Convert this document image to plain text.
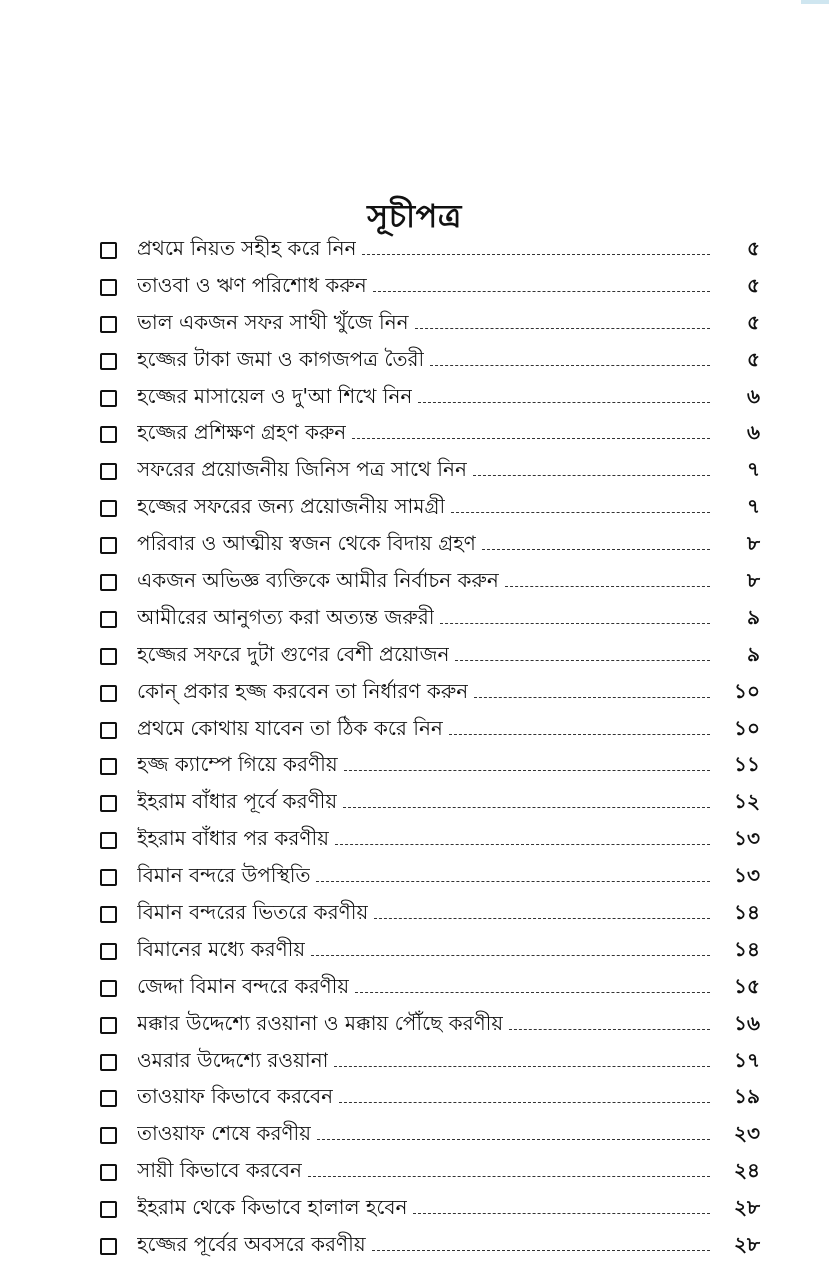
সূচীপত্র
প্রথমে নিয়ত সহীহ করে নিন	৫
তাওবা ও ঋণ পরিশোধ করুন	৫
ভাল একজন সফর সাথী খুঁজে নিন	৫
হজ্জের টাকা জমা ও কাগজপত্র তৈরী	৫
হজ্জের মাসায়েল ও দু'আ শিখে নিন	৬
হজ্জের প্রশিক্ষণ গ্রহণ করুন	৬
সফরের প্রয়োজনীয় জিনিস পত্র সাথে নিন	৭
হজ্জের সফরের জন্য প্রয়োজনীয় সামগ্রী	৭
পরিবার ও আত্মীয় স্বজন থেকে বিদায় গ্রহণ	৮
একজন অভিজ্ঞ ব্যক্তিকে আমীর নির্বাচন করুন	৮
আমীরের আনুগত্য করা অত্যন্ত জরুরী	৯
হজ্জের সফরে দুটা গুণের বেশী প্রয়োজন	৯
কোন্ প্রকার হজ্জ করবেন তা নির্ধারণ করুন	১০
প্রথমে কোথায় যাবেন তা ঠিক করে নিন	১০
হজ্জ ক্যাম্পে গিয়ে করণীয়	১১
ইহরাম বাঁধার পূর্বে করণীয়	১২
ইহরাম বাঁধার পর করণীয়	১৩
বিমান বন্দরে উপস্থিতি	১৩
বিমান বন্দরের ভিতরে করণীয়	১৪
বিমানের মধ্যে করণীয়	১৪
জেদ্দা বিমান বন্দরে করণীয়	১৫
মক্কার উদ্দেশ্যে রওয়ানা ও মক্কায় পৌঁছে করণীয়	১৬
ওমরার উদ্দেশ্যে রওয়ানা	১৭
তাওয়াফ কিভাবে করবেন	১৯
তাওয়াফ শেষে করণীয়	২৩
সায়ী কিভাবে করবেন	২৪
ইহরাম থেকে কিভাবে হালাল হবেন	২৮
হজ্জের পূর্বের অবসরে করণীয়	২৮
